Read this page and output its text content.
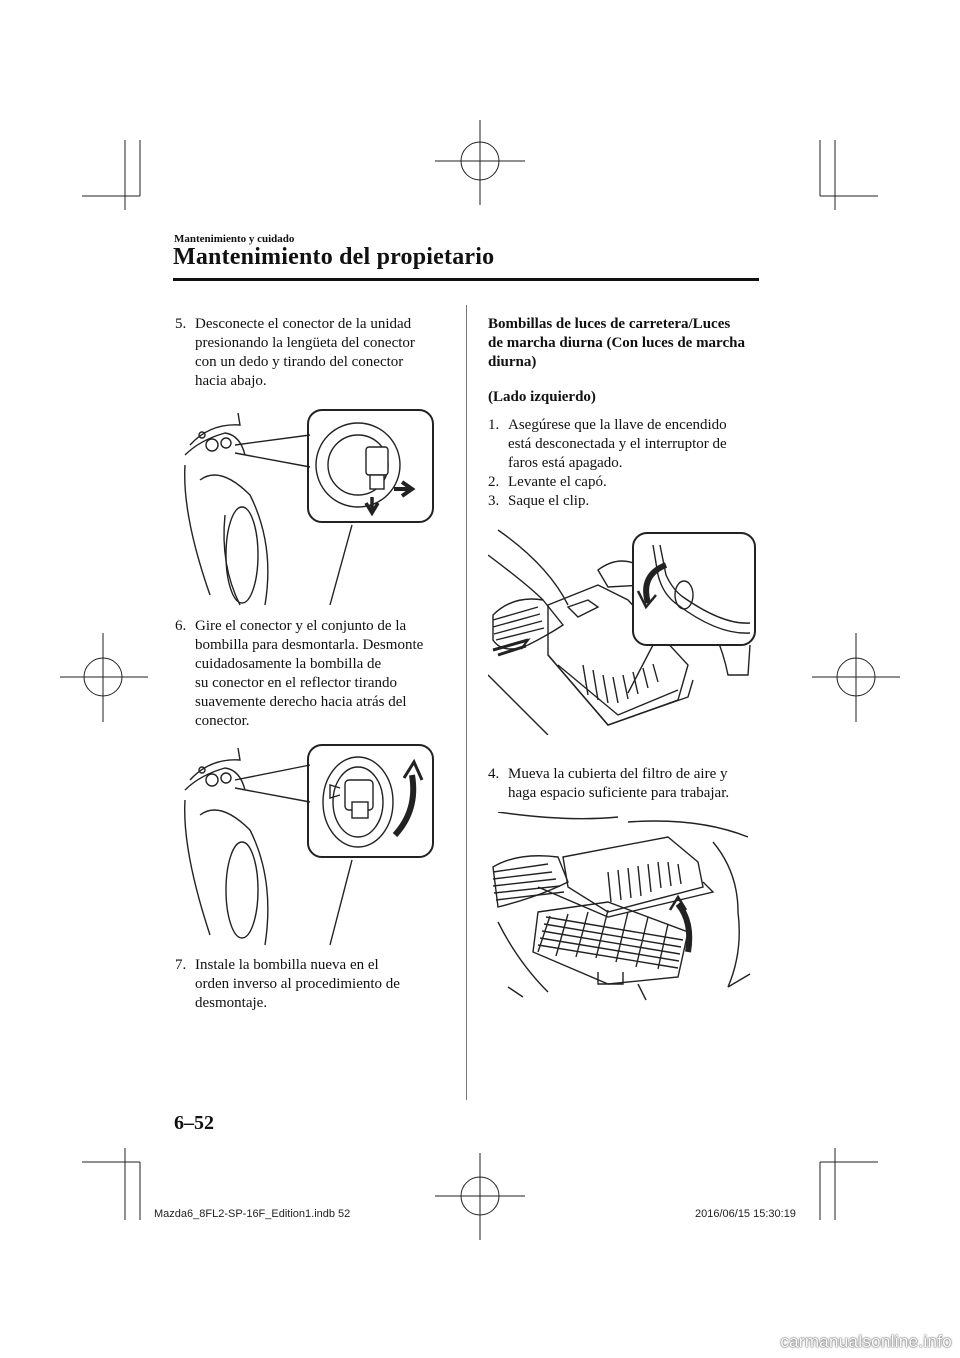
Mantenimiento y cuidado
Mantenimiento del propietario
5. Desconecte el conector de la unidad
presionando la lengüeta del conector
con un dedo y tirando del conector
hacia abajo.
6. Gire el conector y el conjunto de la
bombilla para desmontarla. Desmonte
cuidadosamente la bombilla de
su conector en el reflector tirando
suavemente derecho hacia atrás del
conector.
7. Instale la bombilla nueva en el
orden inverso al procedimiento de
desmontaje.
Bombillas de luces de carretera/Luces
de marcha diurna (Con luces de marcha
diurna)
(Lado izquierdo)
1. Asegúrese que la llave de encendido
está desconectada y el interruptor de
faros está apagado.
2. Levante el capó.
3. Saque el clip.
4. Mueva la cubierta del filtro de aire y
haga espacio suficiente para trabajar.
6–52
Mazda6_8FL2-SP-16F_Edition1.indb 52	2016/06/15 15:30:19
carmanualsonline.info
